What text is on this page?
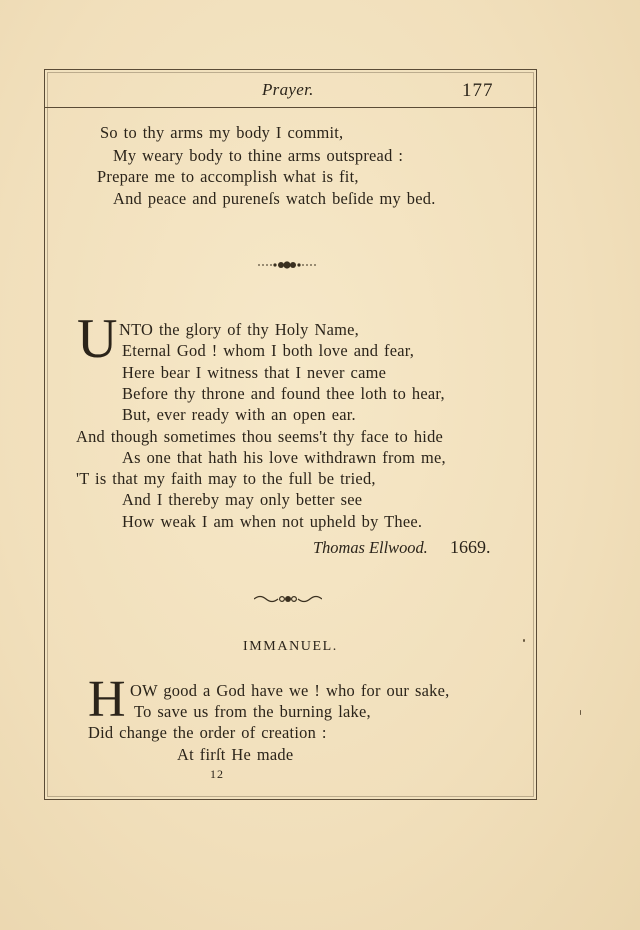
Prayer.	177
So to thy arms my body I commit,
My weary body to thine arms outspread :
Prepare me to accomplish what is fit,
And peace and pureneſs watch beſide my bed.
U NTO the glory of thy Holy Name,
Eternal God ! whom I both love and fear,
Here bear I witness that I never came
Before thy throne and found thee loth to hear,
But, ever ready with an open ear.
And though sometimes thou seems't thy face to hide
As one that hath his love withdrawn from me,
'T is that my faith may to the full be tried,
And I thereby may only better see
How weak I am when not upheld by Thee.
Thomas Ellwood. 1669.
IMMANUEL.
H OW good a God have we ! who for our sake,
To save us from the burning lake,
Did change the order of creation :
At firſt He made
12
